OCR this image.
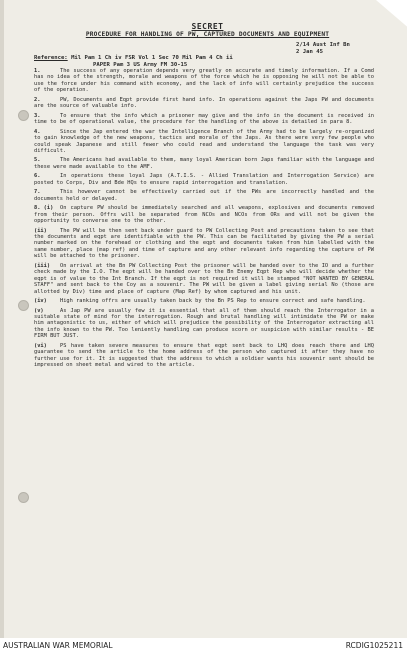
SECRET
PROCEDURE FOR HANDLING OF PW, CAPTURED DOCUMENTS AND EQUIPMENT
2/14 Aust Inf Bn
2 Jan 45
Reference: Mil Pam 1 Ch iv FSR Vol 1 Sec 70 Mil Pam 4 Ch ii
PAPER Pam 3 US Army FM 30-15

1.	The success of any operation depends very greatly on accurate and timely information. If a Comd has no idea of the strength, morale and weapons of the force which he is opposing he will not be able to use the force under his command with economy, and the lack of info will certainly prejudice the success of the operation.

2.	PW, Documents and Eqpt provide first hand info. In operations against the Japs PW and documents are the source of valuable info.

3.	To ensure that the info which a prisoner may give and the info in the document is received in time to be of operational value, the procedure for the handling of the above is detailed in para 8.

4.	Since the Jap entered the war the Intelligence Branch of the Army had to be largely re-organized to gain knowledge of the new weapons, tactics and morale of the Japs. As there were very few people who could speak Japanese and still fewer who could read and understand the language the task was very difficult.

5.	The Americans had available to them, many loyal American born Japs familiar with the language and these were made available to the AMF.

6.	In operations these loyal Japs (A.T.I.S. - Allied Translation and Interrogation Service) are posted to Corps, Div and Bde HQs to ensure rapid interrogation and translation.

7.	This however cannot be effectively carried out if the PWs are incorrectly handled and the documents held or delayed.

8. (i) On capture PW should be immediately searched and all weapons, explosives and documents removed from their person. Offrs will be separated from NCOs and NCOs from ORs and will not be given the opportunity to converse one to the other.

(ii) The PW will be then sent back under guard to PW Collecting Post and precautions taken to see that the documents and eqpt are identifiable with the PW. This can be facilitated by giving the PW a serial number marked on the forehead or clothing and the eqpt and documents taken from him labelled with the same number, place (map ref) and time of capture and any other relevant info regarding the capture of PW will be attached to the prisoner.

(iii) On arrival at the Bn PW Collecting Post the prisoner will be handed over to the IO and a further check made by the I.O. The eqpt will be handed over to the Bn Enemy Eqpt Rep who will decide whether the eqpt is of value to the Int Branch. If the eqpt is not required it will be stamped "NOT WANTED BY GENERAL STAFF" and sent back to the Coy as a souvenir. The PW will be given a label giving serial No (those are allotted by Div) time and place of capture (Map Ref) by whom captured and his unit.

(iv) High ranking offrs are usually taken back by the Bn PS Rep to ensure correct and safe handling.

(v)	As Jap PW are usually few it is essential that all of them should reach the Interrogator in a suitable state of mind for the interrogation. Rough and brutal handling will intimidate the PW or make him antagonistic to us, either of which will prejudice the possibility of the Interrogator extracting all the info known to the PW. Too leniently handling can produce scorn or suspicion with similar results - BE FIRM BUT JUST.

(vi) PS have taken severe measures to ensure that eqpt sent back to LHQ does reach there and LHQ guarantee to send the article to the home address of the person who captured it after they have no further use for it. It is suggested that the address to which a soldier wants his souvenir sent should be impressed on sheet metal and wired to the article.

AUSTRALIAN WAR MEMORIAL	RCDIG1025211
